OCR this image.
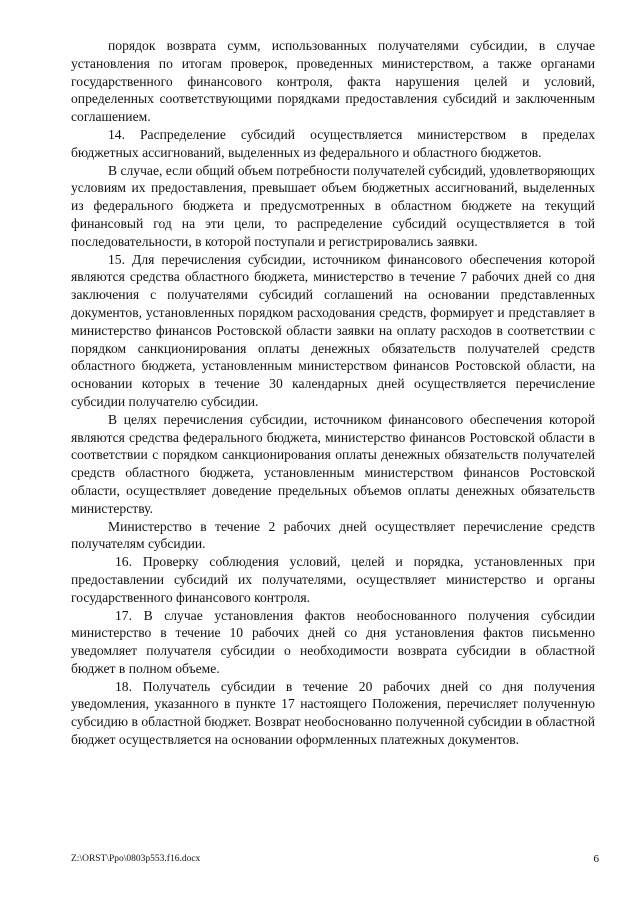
порядок возврата сумм, использованных получателями субсидии, в случае установления по итогам проверок, проведенных министерством, а также органами государственного финансового контроля, факта нарушения целей и условий, определенных соответствующими порядками предоставления субсидий и заключенным соглашением.

14. Распределение субсидий осуществляется министерством в пределах бюджетных ассигнований, выделенных из федерального и областного бюджетов.

В случае, если общий объем потребности получателей субсидий, удовлетворяющих условиям их предоставления, превышает объем бюджетных ассигнований, выделенных из федерального бюджета и предусмотренных в областном бюджете на текущий финансовый год на эти цели, то распределение субсидий осуществляется в той последовательности, в которой поступали и регистрировались заявки.

15. Для перечисления субсидии, источником финансового обеспечения которой являются средства областного бюджета, министерство в течение 7 рабочих дней со дня заключения с получателями субсидий соглашений на основании представленных документов, установленных порядком расходования средств, формирует и представляет в министерство финансов Ростовской области заявки на оплату расходов в соответствии с порядком санкционирования оплаты денежных обязательств получателей средств областного бюджета, установленным министерством финансов Ростовской области, на основании которых в течение 30 календарных дней осуществляется перечисление субсидии получателю субсидии.

В целях перечисления субсидии, источником финансового обеспечения которой являются средства федерального бюджета, министерство финансов Ростовской области в соответствии с порядком санкционирования оплаты денежных обязательств получателей средств областного бюджета, установленным министерством финансов Ростовской области, осуществляет доведение предельных объемов оплаты денежных обязательств министерству.

Министерство в течение 2 рабочих дней осуществляет перечисление средств получателям субсидии.

16. Проверку соблюдения условий, целей и порядка, установленных при предоставлении субсидий их получателями, осуществляет министерство и органы государственного финансового контроля.

17. В случае установления фактов необоснованного получения субсидии министерство в течение 10 рабочих дней со дня установления фактов письменно уведомляет получателя субсидии о необходимости возврата субсидии в областной бюджет в полном объеме.

18. Получатель субсидии в течение 20 рабочих дней со дня получения уведомления, указанного в пункте 17 настоящего Положения, перечисляет полученную субсидию в областной бюджет. Возврат необоснованно полученной субсидии в областной бюджет осуществляется на основании оформленных платежных документов.

Z:\ORST\Ppo\0803p553.f16.docx	6
